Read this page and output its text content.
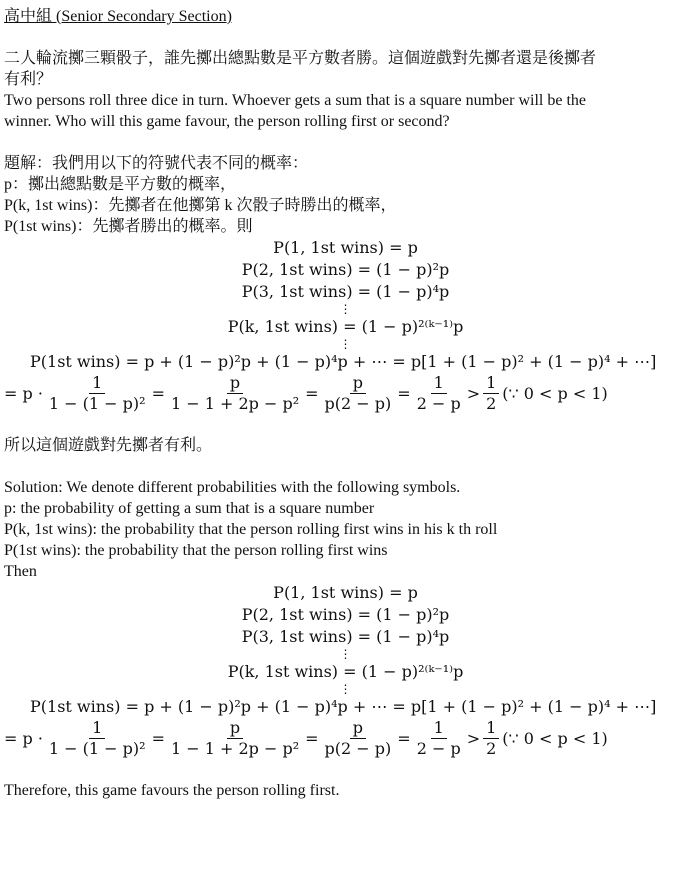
高中組 (Senior Secondary Section)
二人輪流擲三顆骰子，誰先擲出總點數是平方數者勝。這個遊戲對先擲者還是後擲者
有利？
Two persons roll three dice in turn. Whoever gets a sum that is a square number will be the
winner. Who will this game favour, the person rolling first or second?
題解：我們用以下的符號代表不同的概率：
p：擲出總點數是平方數的概率，
P(k, 1st wins)：先擲者在他擲第 k 次骰子時勝出的概率，
P(1st wins)：先擲者勝出的概率。則
P(1, 1st wins) = p
P(2, 1st wins) = (1 − p)²p
P(3, 1st wins) = (1 − p)⁴p
⋮
P(k, 1st wins) = (1 − p)²⁽ᵏ⁻¹⁾p
⋮
P(1st wins) = p + (1 − p)²p + (1 − p)⁴p + ⋯ = p[1 + (1 − p)² + (1 − p)⁴ + ⋯]
= $p \cdot \frac{1}{\text{1 − (1 − p)²}} = \frac{p}{\text{1 − 1 + 2p − p²}} = \frac{p}{p(2 - p)} = \frac{1}{2 - p} > \frac{1}{2}$ (∵ 0 < p < 1)
所以這個遊戲對先擲者有利。
Solution: We denote different probabilities with the following symbols.
p: the probability of getting a sum that is a square number
P(k, 1st wins): the probability that the person rolling first wins in his k th roll
P(1st wins): the probability that the person rolling first wins
Then
P(1, 1st wins) = p
P(2, 1st wins) = (1 − p)²p
P(3, 1st wins) = (1 − p)⁴p
⋮
P(k, 1st wins) = (1 − p)²⁽ᵏ⁻¹⁾p
⋮
P(1st wins) = p + (1 − p)²p + (1 − p)⁴p + ⋯ = p[1 + (1 − p)² + (1 − p)⁴ + ⋯]
= $p \cdot \frac{1}{\text{1 − (1 − p)²}} = \frac{p}{\text{1 − 1 + 2p − p²}} = \frac{p}{p(2 - p)} = \frac{1}{2 - p} > \frac{1}{2}$ (∵ 0 < p < 1)
Therefore, this game favours the person rolling first.
